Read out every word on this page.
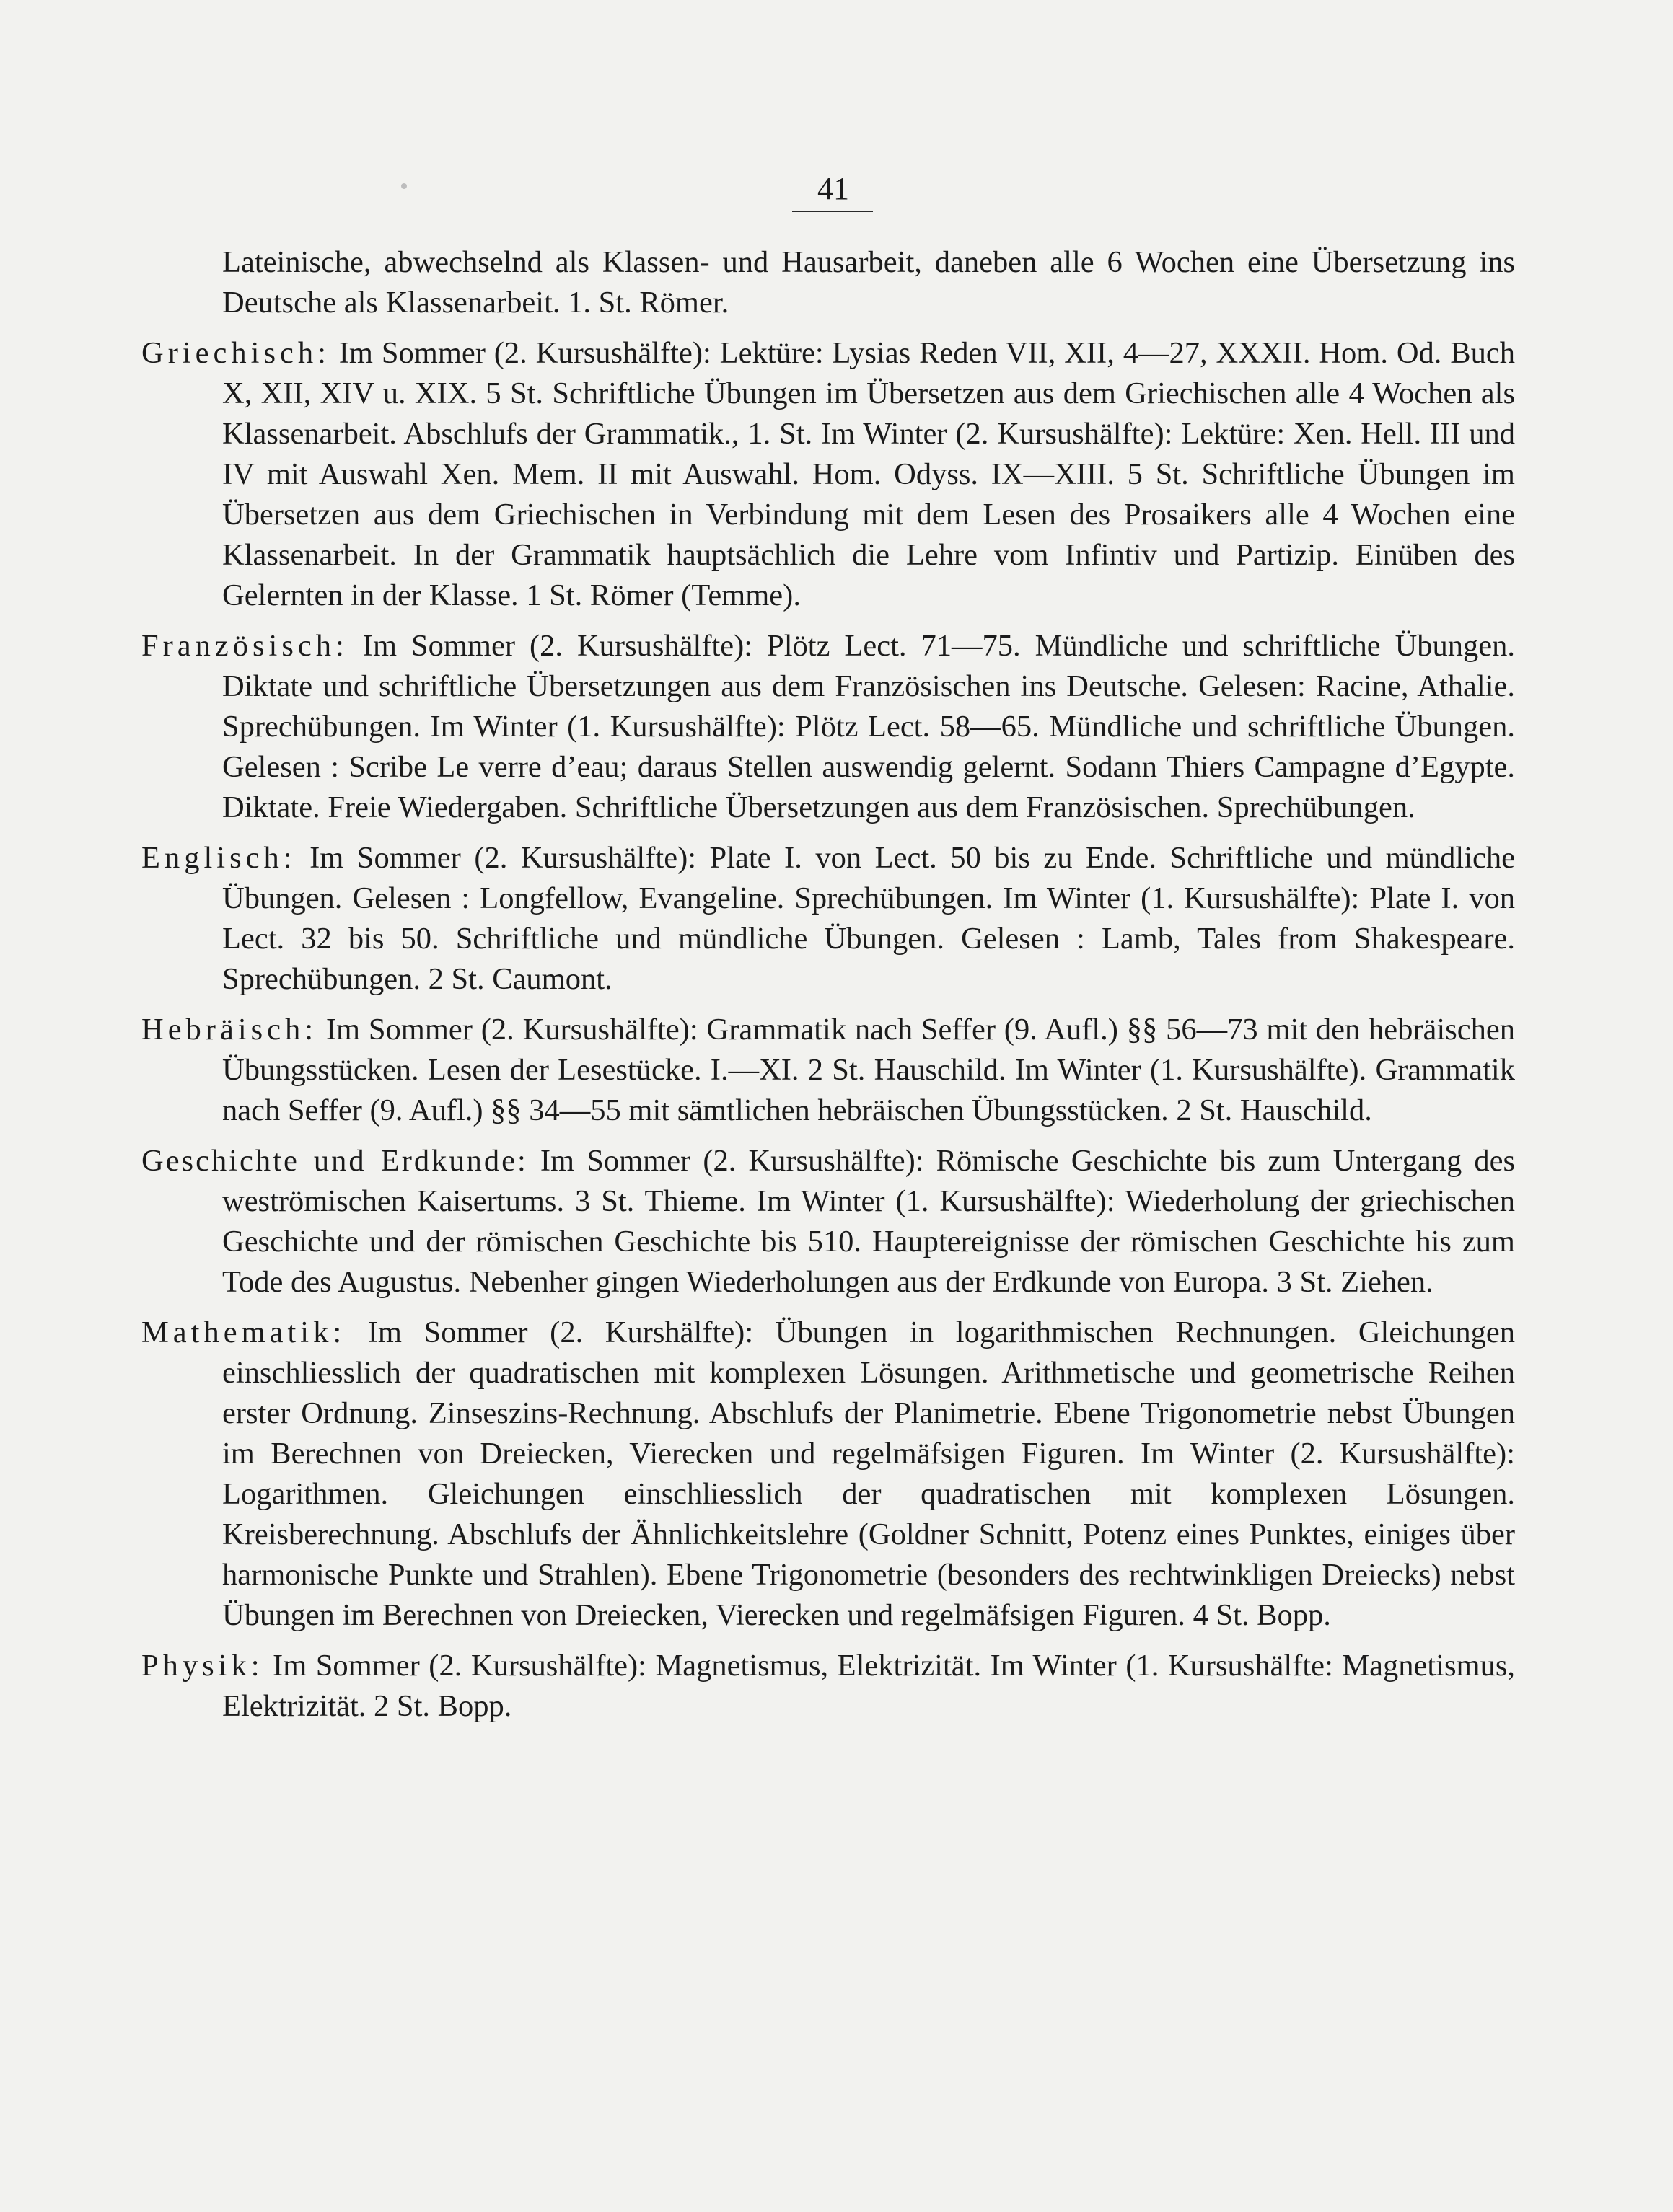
41

Lateinische, abwechselnd als Klassen- und Hausarbeit, daneben alle 6 Wochen eine Übersetzung ins Deutsche als Klassenarbeit. 1. St. Römer.

Griechisch: Im Sommer (2. Kursushälfte): Lektüre: Lysias Reden VII, XII, 4—27, XXXII. Hom. Od. Buch X, XII, XIV u. XIX. 5 St. Schriftliche Übungen im Übersetzen aus dem Griechischen alle 4 Wochen als Klassenarbeit. Abschlufs der Grammatik., 1. St. Im Winter (2. Kursushälfte): Lektüre: Xen. Hell. III und IV mit Auswahl Xen. Mem. II mit Auswahl. Hom. Odyss. IX—XIII. 5 St. Schriftliche Übungen im Übersetzen aus dem Griechischen in Verbindung mit dem Lesen des Prosaikers alle 4 Wochen eine Klassenarbeit. In der Grammatik hauptsächlich die Lehre vom Infintiv und Partizip. Einüben des Gelernten in der Klasse. 1 St. Römer (Temme).

Französisch: Im Sommer (2. Kursushälfte): Plötz Lect. 71—75. Mündliche und schriftliche Übungen. Diktate und schriftliche Übersetzungen aus dem Französischen ins Deutsche. Gelesen: Racine, Athalie. Sprechübungen. Im Winter (1. Kursushälfte): Plötz Lect. 58—65. Mündliche und schriftliche Übungen. Gelesen : Scribe Le verre d’eau; daraus Stellen auswendig gelernt. Sodann Thiers Campagne d’Egypte. Diktate. Freie Wiedergaben. Schriftliche Übersetzungen aus dem Französischen. Sprechübungen.

Englisch: Im Sommer (2. Kursushälfte): Plate I. von Lect. 50 bis zu Ende. Schriftliche und mündliche Übungen. Gelesen : Longfellow, Evangeline. Sprechübungen. Im Winter (1. Kursushälfte): Plate I. von Lect. 32 bis 50. Schriftliche und mündliche Übungen. Gelesen : Lamb, Tales from Shakespeare. Sprechübungen. 2 St. Caumont.

Hebräisch: Im Sommer (2. Kursushälfte): Grammatik nach Seffer (9. Aufl.) §§ 56—73 mit den hebräischen Übungsstücken. Lesen der Lesestücke. I.—XI. 2 St. Hauschild. Im Winter (1. Kursushälfte). Grammatik nach Seffer (9. Aufl.) §§ 34—55 mit sämtlichen hebräischen Übungsstücken. 2 St. Hauschild.

Geschichte und Erdkunde: Im Sommer (2. Kursushälfte): Römische Geschichte bis zum Untergang des weströmischen Kaisertums. 3 St. Thieme. Im Winter (1. Kursushälfte): Wiederholung der griechischen Geschichte und der römischen Geschichte bis 510. Hauptereignisse der römischen Geschichte his zum Tode des Augustus. Nebenher gingen Wiederholungen aus der Erdkunde von Europa. 3 St. Ziehen.

Mathematik: Im Sommer (2. Kurshälfte): Übungen in logarithmischen Rechnungen. Gleichungen einschliesslich der quadratischen mit komplexen Lösungen. Arithmetische und geometrische Reihen erster Ordnung. Zinseszins-Rechnung. Abschlufs der Planimetrie. Ebene Trigonometrie nebst Übungen im Berechnen von Dreiecken, Vierecken und regelmäfsigen Figuren. Im Winter (2. Kursushälfte): Logarithmen. Gleichungen einschliesslich der quadratischen mit komplexen Lösungen. Kreisberechnung. Abschlufs der Ähnlichkeitslehre (Goldner Schnitt, Potenz eines Punktes, einiges über harmonische Punkte und Strahlen). Ebene Trigonometrie (besonders des rechtwinkligen Dreiecks) nebst Übungen im Berechnen von Dreiecken, Vierecken und regelmäfsigen Figuren. 4 St. Bopp.

Physik: Im Sommer (2. Kursushälfte): Magnetismus, Elektrizität. Im Winter (1. Kursushälfte: Magnetismus, Elektrizität. 2 St. Bopp.
